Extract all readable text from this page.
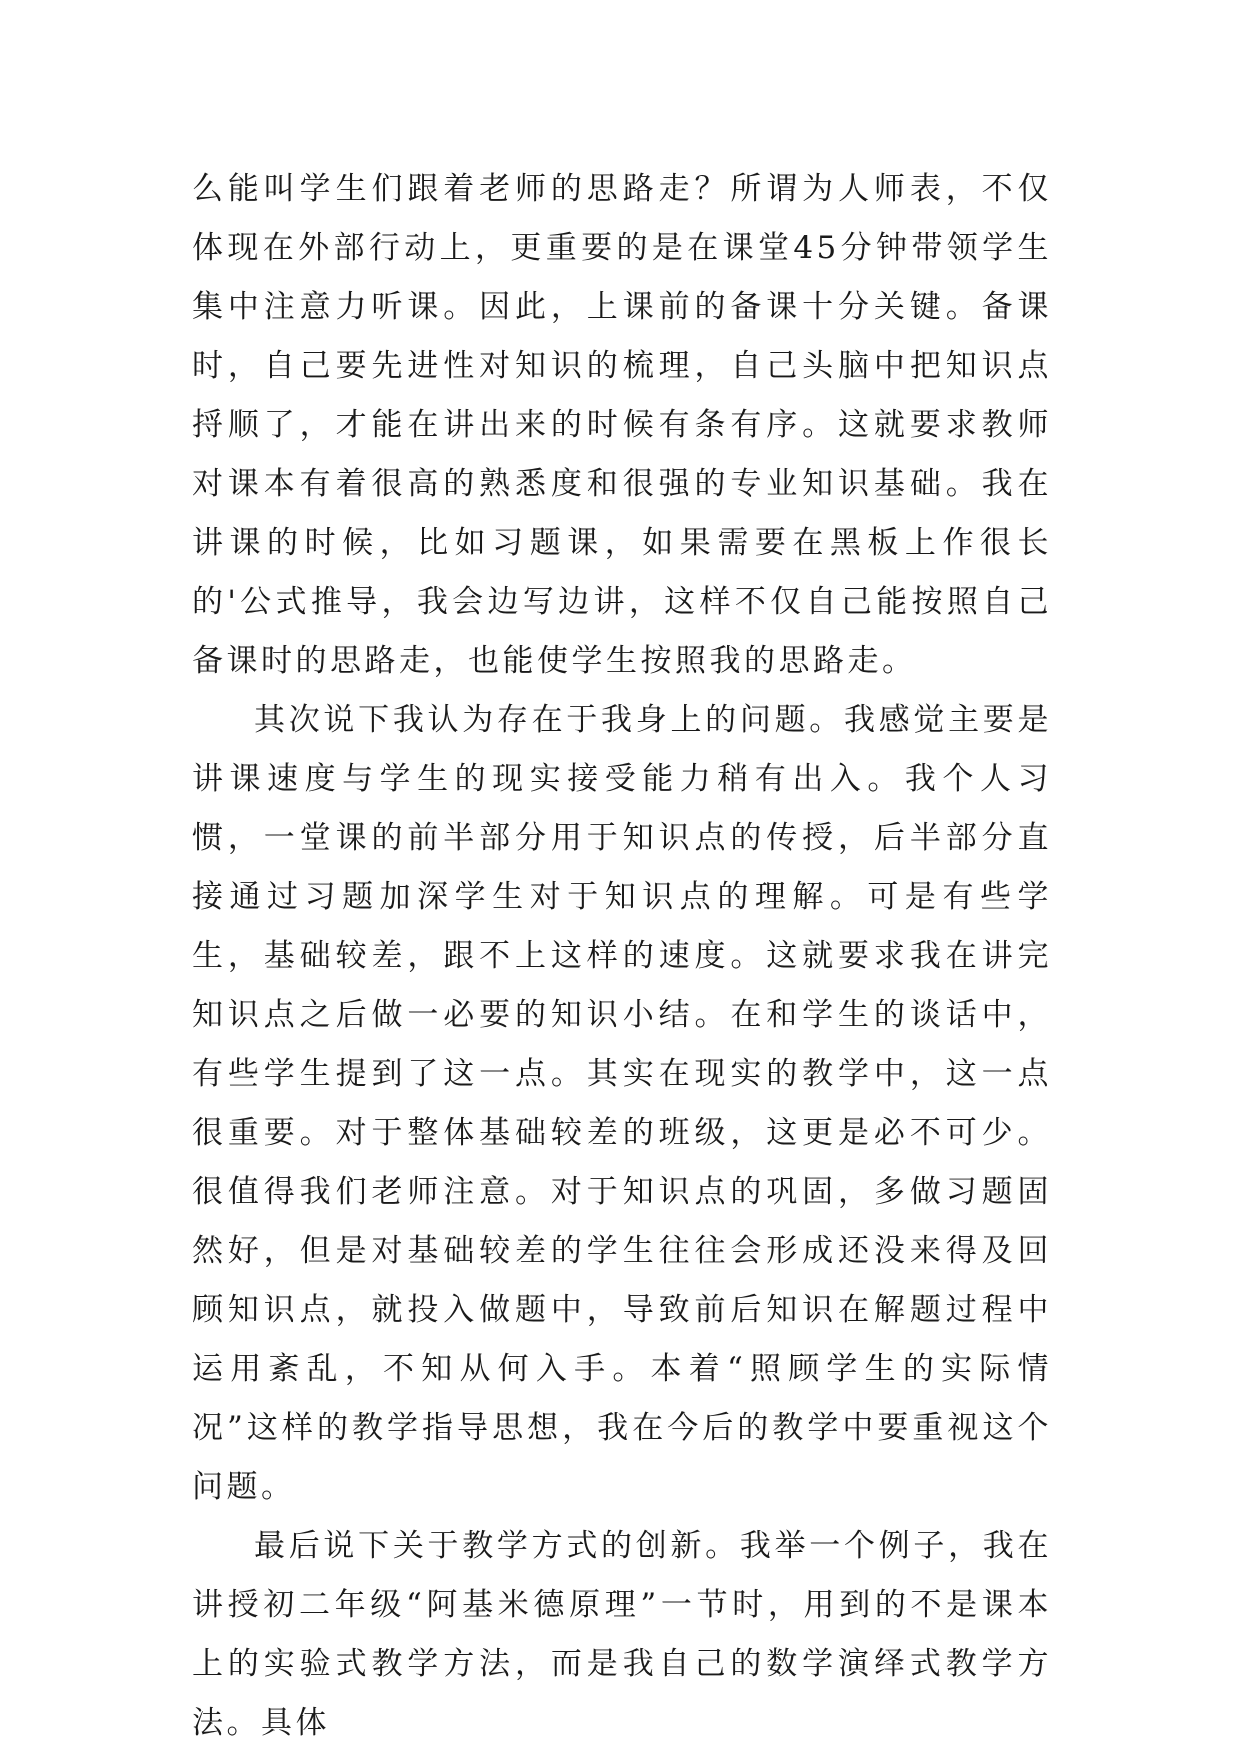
么能叫学生们跟着老师的思路走？所谓为人师表，不仅体现在外部行动上，更重要的是在课堂45分钟带领学生集中注意力听课。因此，上课前的备课十分关键。备课时，自己要先进性对知识的梳理，自己头脑中把知识点捋顺了，才能在讲出来的时候有条有序。这就要求教师对课本有着很高的熟悉度和很强的专业知识基础。我在讲课的时候，比如习题课，如果需要在黑板上作很长的'公式推导，我会边写边讲，这样不仅自己能按照自己备课时的思路走，也能使学生按照我的思路走。

其次说下我认为存在于我身上的问题。我感觉主要是讲课速度与学生的现实接受能力稍有出入。我个人习惯，一堂课的前半部分用于知识点的传授，后半部分直接通过习题加深学生对于知识点的理解。可是有些学生，基础较差，跟不上这样的速度。这就要求我在讲完知识点之后做一必要的知识小结。在和学生的谈话中，有些学生提到了这一点。其实在现实的教学中，这一点很重要。对于整体基础较差的班级，这更是必不可少。很值得我们老师注意。对于知识点的巩固，多做习题固然好，但是对基础较差的学生往往会形成还没来得及回顾知识点，就投入做题中，导致前后知识在解题过程中运用紊乱，不知从何入手。本着“照顾学生的实际情况”这样的教学指导思想，我在今后的教学中要重视这个问题。

最后说下关于教学方式的创新。我举一个例子，我在讲授初二年级“阿基米德原理”一节时，用到的不是课本上的实验式教学方法，而是我自己的数学演绎式教学方法。具体
